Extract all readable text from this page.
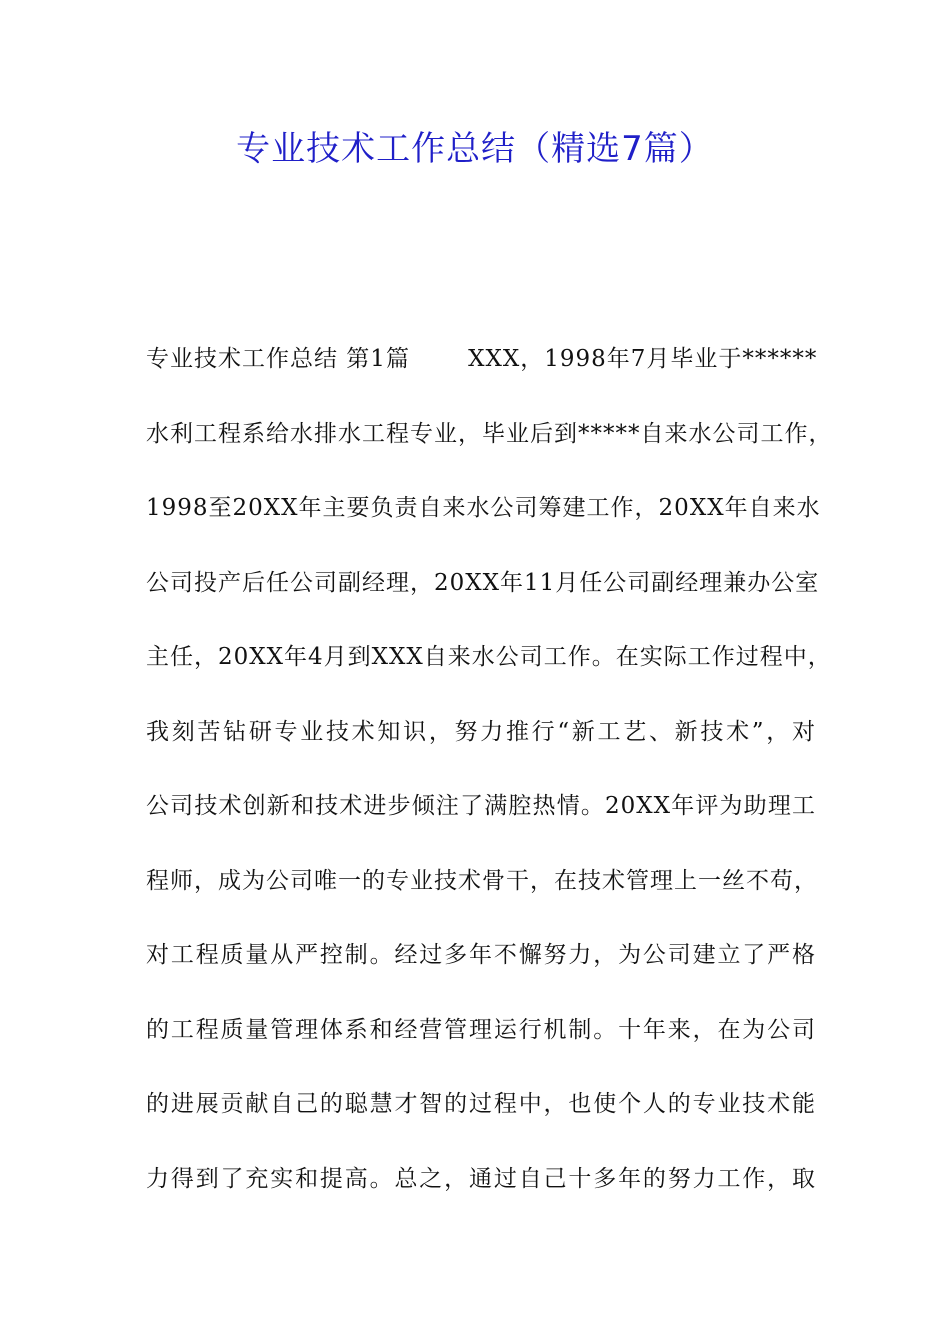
专业技术工作总结（精选7篇）
专业技术工作总结 第1篇       XXX，1998年7月毕业于******
水利工程系给水排水工程专业，毕业后到*****自来水公司工作，
1998至20XX年主要负责自来水公司筹建工作，20XX年自来水
公司投产后任公司副经理，20XX年11月任公司副经理兼办公室
主任，20XX年4月到XXX自来水公司工作。在实际工作过程中，
我刻苦钻研专业技术知识，努力推行“新工艺、新技术”，对
公司技术创新和技术进步倾注了满腔热情。20XX年评为助理工
程师，成为公司唯一的专业技术骨干，在技术管理上一丝不苟，
对工程质量从严控制。经过多年不懈努力，为公司建立了严格
的工程质量管理体系和经营管理运行机制。十年来，在为公司
的进展贡献自己的聪慧才智的过程中，也使个人的专业技术能
力得到了充实和提高。总之，通过自己十多年的努力工作，取
